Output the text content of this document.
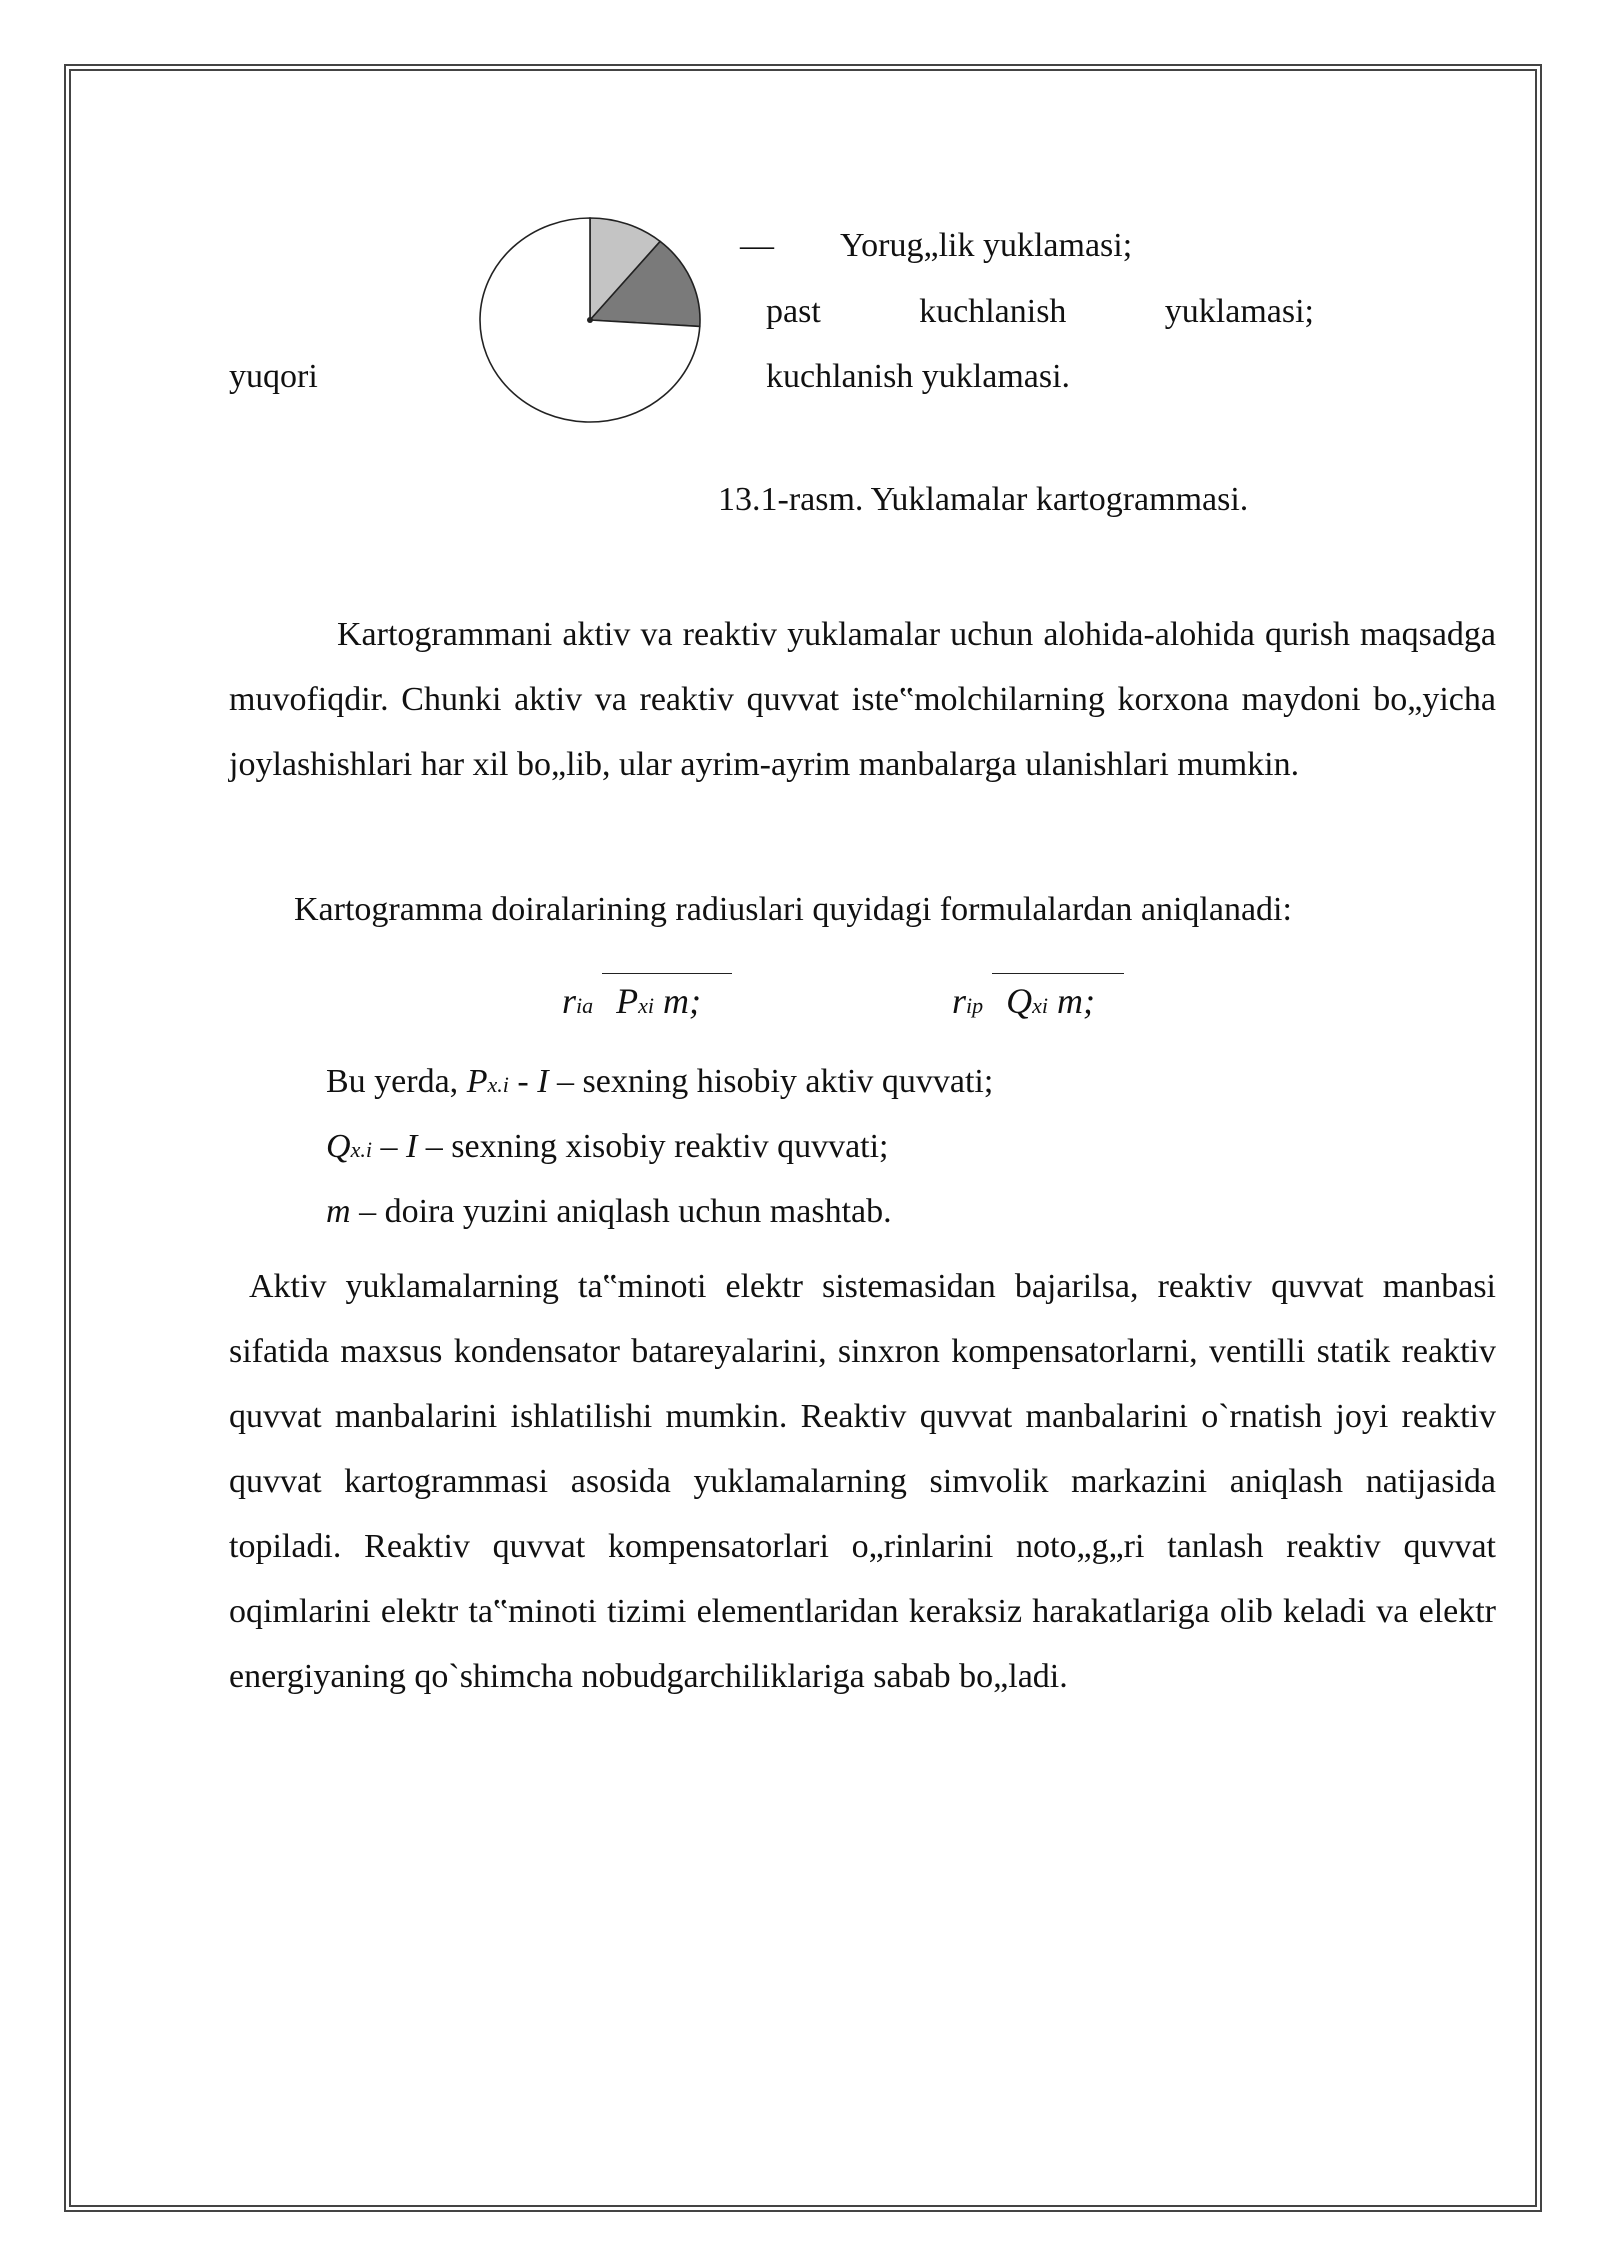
— Yorug„lik yuklamasi;
past	kuchlanish	yuklamasi;
yuqori	kuchlanish yuklamasi.
13.1-rasm. Yuklamalar kartogrammasi.
Kartogrammani aktiv va reaktiv yuklamalar uchun alohida-alohida qurish maqsadga muvofiqdir. Chunki aktiv va reaktiv quvvat iste‟molchilarning korxona maydoni bo„yicha joylashishlari har xil bo„lib, ular ayrim-ayrim manbalarga ulanishlari mumkin.
Kartogramma doiralarining radiuslari quyidagi formulalardan aniqlanadi:
ria Pxi m;	rip Qxi m;
Bu yerda, Px.i - I – sexning hisobiy aktiv quvvati;
Qx.i – I – sexning xisobiy reaktiv quvvati;
m – doira yuzini aniqlash uchun mashtab.
Aktiv yuklamalarning ta‟minoti elektr sistemasidan bajarilsa, reaktiv quvvat manbasi sifatida maxsus kondensator batareyalarini, sinxron kompensatorlarni, ventilli statik reaktiv quvvat manbalarini ishlatilishi mumkin. Reaktiv quvvat manbalarini o`rnatish joyi reaktiv quvvat kartogrammasi asosida yuklamalarning simvolik markazini aniqlash natijasida topiladi. Reaktiv quvvat kompensatorlari o„rinlarini noto„g„ri tanlash reaktiv quvvat oqimlarini elektr ta‟minoti tizimi elementlaridan keraksiz harakatlariga olib keladi va elektr energiyaning qo`shimcha nobudgarchiliklariga sabab bo„ladi.
